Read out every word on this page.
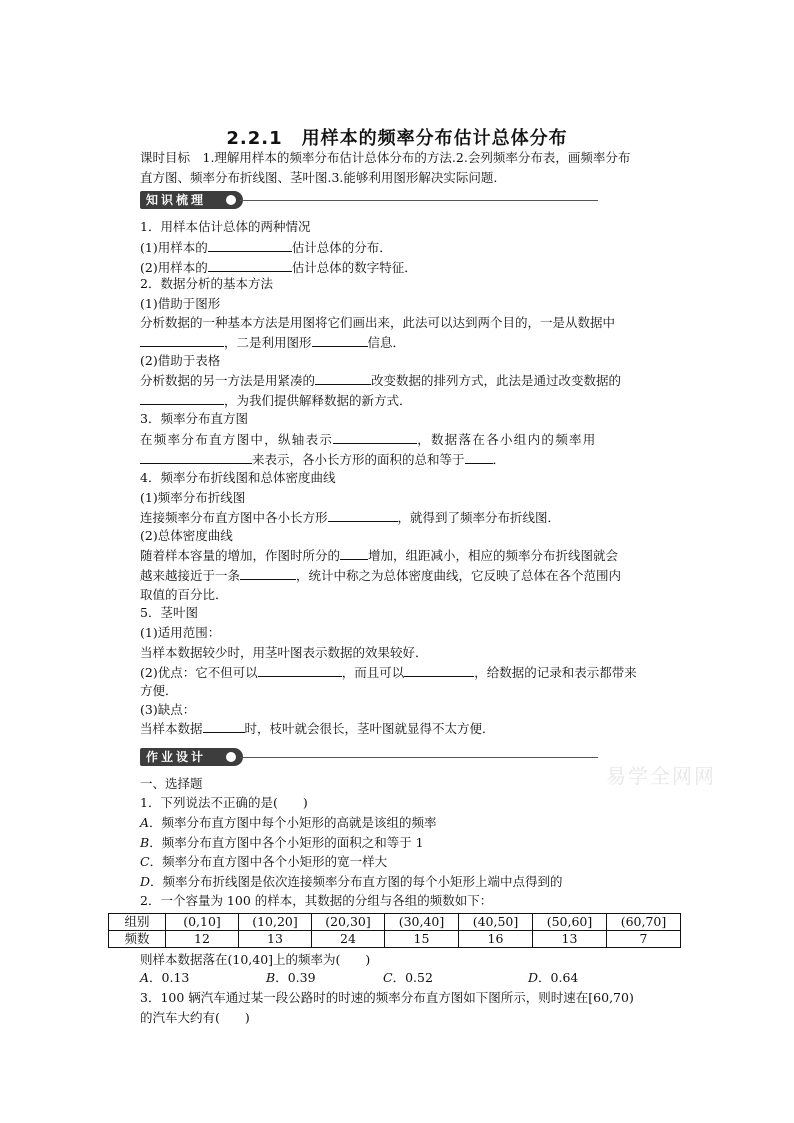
2.2.1　用样本的频率分布估计总体分布
课时目标　1.理解用样本的频率分布估计总体分布的方法.2.会列频率分布表，画频率分布
直方图、频率分布折线图、茎叶图.3.能够利用图形解决实际问题.
知识梳理
1．用样本估计总体的两种情况
(1)用样本的	估计总体的分布．
(2)用样本的	估计总体的数字特征．
2．数据分析的基本方法
(1)借助于图形
分析数据的一种基本方法是用图将它们画出来，此法可以达到两个目的，一是从数据中
，二是利用图形	信息．
(2)借助于表格
分析数据的另一方法是用紧凑的	改变数据的排列方式，此法是通过改变数据的
，为我们提供解释数据的新方式．
3．频率分布直方图
在频率分布直方图中，纵轴表示	，数据落在各小组内的频率用
来表示，各小长方形的面积的总和等于 ．
4．频率分布折线图和总体密度曲线
(1)频率分布折线图
连接频率分布直方图中各小长方形	，就得到了频率分布折线图．
(2)总体密度曲线
随着样本容量的增加，作图时所分的 增加，组距减小，相应的频率分布折线图就会
越来越接近于一条	，统计中称之为总体密度曲线，它反映了总体在各个范围内
取值的百分比．
5．茎叶图
(1)适用范围：
当样本数据较少时，用茎叶图表示数据的效果较好．
(2)优点：它不但可以	，而且可以	，给数据的记录和表示都带来
方便．
(3)缺点：
当样本数据	时，枝叶就会很长，茎叶图就显得不太方便．
作业设计
易学全网网
一、选择题
1．下列说法不正确的是(　　)
A．频率分布直方图中每个小矩形的高就是该组的频率
B．频率分布直方图中各个小矩形的面积之和等于 1
C．频率分布直方图中各个小矩形的宽一样大
D．频率分布折线图是依次连接频率分布直方图的每个小矩形上端中点得到的
2．一个容量为 100 的样本，其数据的分组与各组的频数如下：
组别	(0,10]	(10,20]	(20,30]	(30,40]	(40,50]	(50,60]	(60,70]
频数	12	13	24	15	16	13	7
则样本数据落在(10,40]上的频率为(　　)
A．0.13	B．0.39	C．0.52	D．0.64
3．100 辆汽车通过某一段公路时的时速的频率分布直方图如下图所示，则时速在[60,70)
的汽车大约有(　　)
